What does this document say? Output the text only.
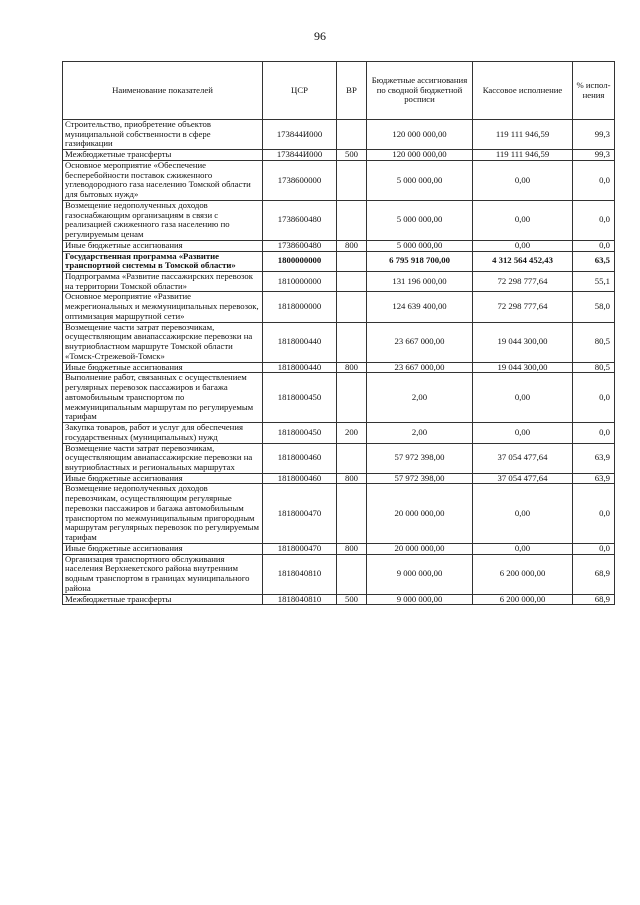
96
Наименование показателей	ЦСР	ВР	Бюджетные ассигнования по сводной бюджетной росписи	Кассовое исполнение	% испол-нения
Строительство, приобретение объектов муниципальной собственности в сфере газификации	173844И000		120 000 000,00	119 111 946,59	99,3
Межбюджетные трансферты	173844И000	500	120 000 000,00	119 111 946,59	99,3
Основное мероприятие «Обеспечение бесперебойности поставок сжиженного углеводородного газа населению Томской области для бытовых нужд»	1738600000		5 000 000,00	0,00	0,0
Возмещение недополученных доходов газоснабжающим организациям в связи с реализацией сжиженного газа населению по регулируемым ценам	1738600480		5 000 000,00	0,00	0,0
Иные бюджетные ассигнования	1738600480	800	5 000 000,00	0,00	0,0
Государственная программа «Развитие транспортной системы в Томской области»	1800000000		6 795 918 700,00	4 312 564 452,43	63,5
Подпрограмма «Развитие пассажирских перевозок на территории Томской области»	1810000000		131 196 000,00	72 298 777,64	55,1
Основное мероприятие «Развитие межрегиональных и межмуниципальных перевозок, оптимизация маршрутной сети»	1818000000		124 639 400,00	72 298 777,64	58,0
Возмещение части затрат перевозчикам, осуществляющим авиапассажирские перевозки на внутриобластном маршруте Томской области «Томск-Стрежевой-Томск»	1818000440		23 667 000,00	19 044 300,00	80,5
Иные бюджетные ассигнования	1818000440	800	23 667 000,00	19 044 300,00	80,5
Выполнение работ, связанных с осуществлением регулярных перевозок пассажиров и багажа автомобильным транспортом по межмуниципальным маршрутам по регулируемым тарифам	1818000450		2,00	0,00	0,0
Закупка товаров, работ и услуг для обеспечения государственных (муниципальных) нужд	1818000450	200	2,00	0,00	0,0
Возмещение части затрат перевозчикам, осуществляющим авиапассажирские перевозки на внутриобластных и региональных маршрутах	1818000460		57 972 398,00	37 054 477,64	63,9
Иные бюджетные ассигнования	1818000460	800	57 972 398,00	37 054 477,64	63,9
Возмещение недополученных доходов перевозчикам, осуществляющим регулярные перевозки пассажиров и багажа автомобильным транспортом по межмуниципальным пригородным маршрутам регулярных перевозок по регулируемым тарифам	1818000470		20 000 000,00	0,00	0,0
Иные бюджетные ассигнования	1818000470	800	20 000 000,00	0,00	0,0
Организация транспортного обслуживания населения Верхнекетского района внутренним водным транспортом в границах муниципального района	1818040810		9 000 000,00	6 200 000,00	68,9
Межбюджетные трансферты	1818040810	500	9 000 000,00	6 200 000,00	68,9
